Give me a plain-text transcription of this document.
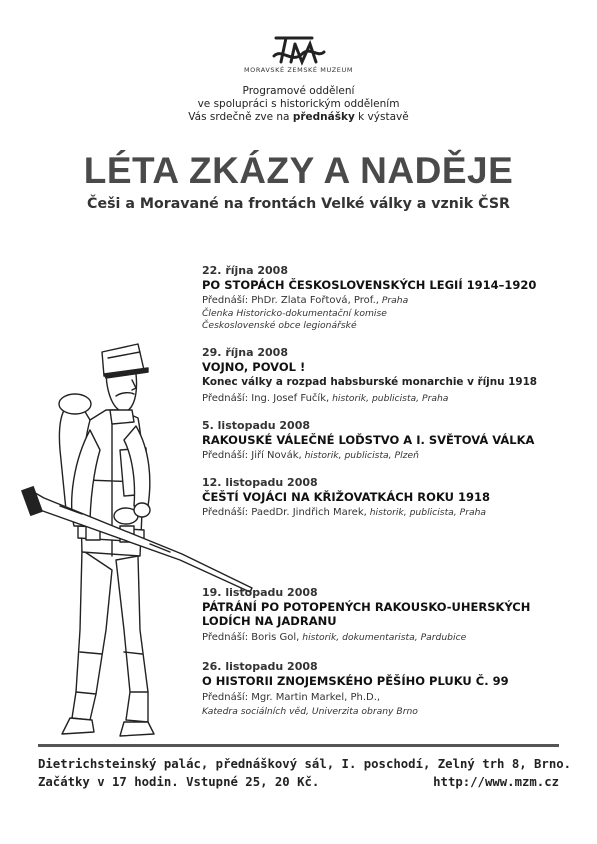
MORAVSKÉ ZEMSKÉ MUZEUM
Programové oddělení
ve spolupráci s historickým oddělením
Vás srdečně zve na přednášky k výstavě
LÉTA ZKÁZY A NADĚJE
Češi a Moravané na frontách Velké války a vznik ČSR
22. října 2008
PO STOPÁCH ČESKOSLOVENSKÝCH LEGIÍ 1914–1920
Přednáší: PhDr. Zlata Fořtová, Prof., Praha
Členka Historicko-dokumentační komise
Československé obce legionářské
29. října 2008
VOJNO, POVOL !
Konec války a rozpad habsburské monarchie v říjnu 1918
Přednáší: Ing. Josef Fučík, historik, publicista, Praha
5. listopadu 2008
RAKOUSKÉ VÁLEČNÉ LOĎSTVO A I. SVĚTOVÁ VÁLKA
Přednáší: Jiří Novák, historik, publicista, Plzeň
12. listopadu 2008
ČEŠTÍ VOJÁCI NA KŘIŽOVATKÁCH ROKU 1918
Přednáší: PaedDr. Jindřich Marek, historik, publicista, Praha
19. listopadu 2008
PÁTRÁNÍ PO POTOPENÝCH RAKOUSKO-UHERSKÝCH
LODÍCH NA JADRANU
Přednáší: Boris Gol, historik, dokumentarista, Pardubice
26. listopadu 2008
O HISTORII ZNOJEMSKÉHO PĚŠÍHO PLUKU Č. 99
Přednáší: Mgr. Martin Markel, Ph.D.,
Katedra sociálních věd, Univerzita obrany Brno
Dietrichsteinský palác, přednáškový sál, I. poschodí, Zelný trh 8, Brno.
Začátky v 17 hodin. Vstupné 25, 20 Kč.	http://www.mzm.cz
